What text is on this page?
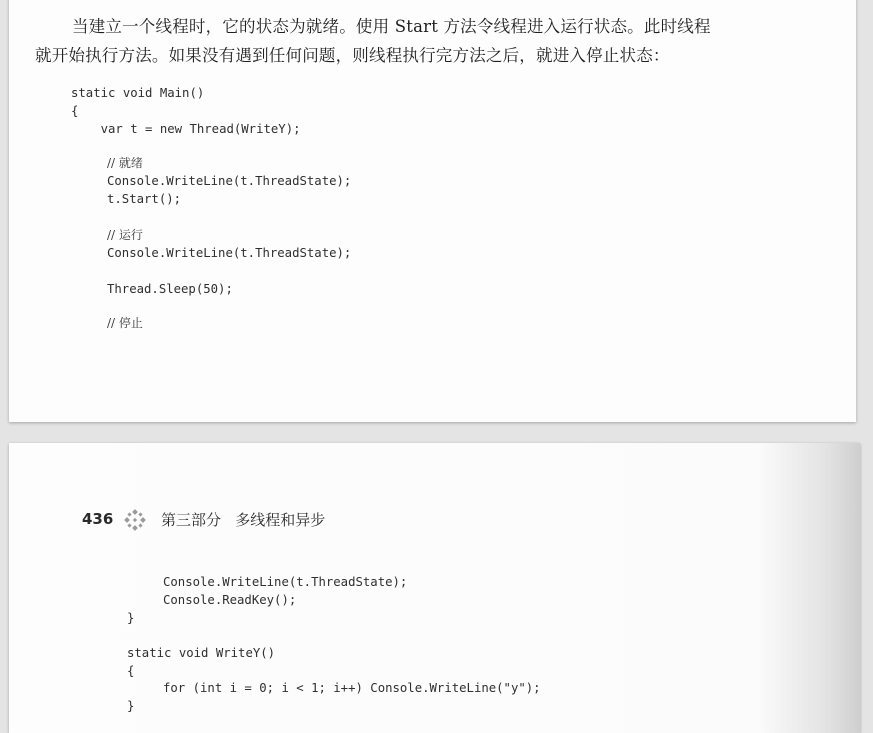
当建立一个线程时，它的状态为就绪。使用 Start 方法令线程进入运行状态。此时线程
就开始执行方法。如果没有遇到任何问题，则线程执行完方法之后，就进入停止状态：
static void Main()
{
var t = new Thread(WriteY);
// 就绪
Console.WriteLine(t.ThreadState);
t.Start();
// 运行
Console.WriteLine(t.ThreadState);
Thread.Sleep(50);
// 停止
436	第三部分   多线程和异步
Console.WriteLine(t.ThreadState);
Console.ReadKey();
}
static void WriteY()
{
for (int i = 0; i < 1; i++) Console.WriteLine("y");
}
